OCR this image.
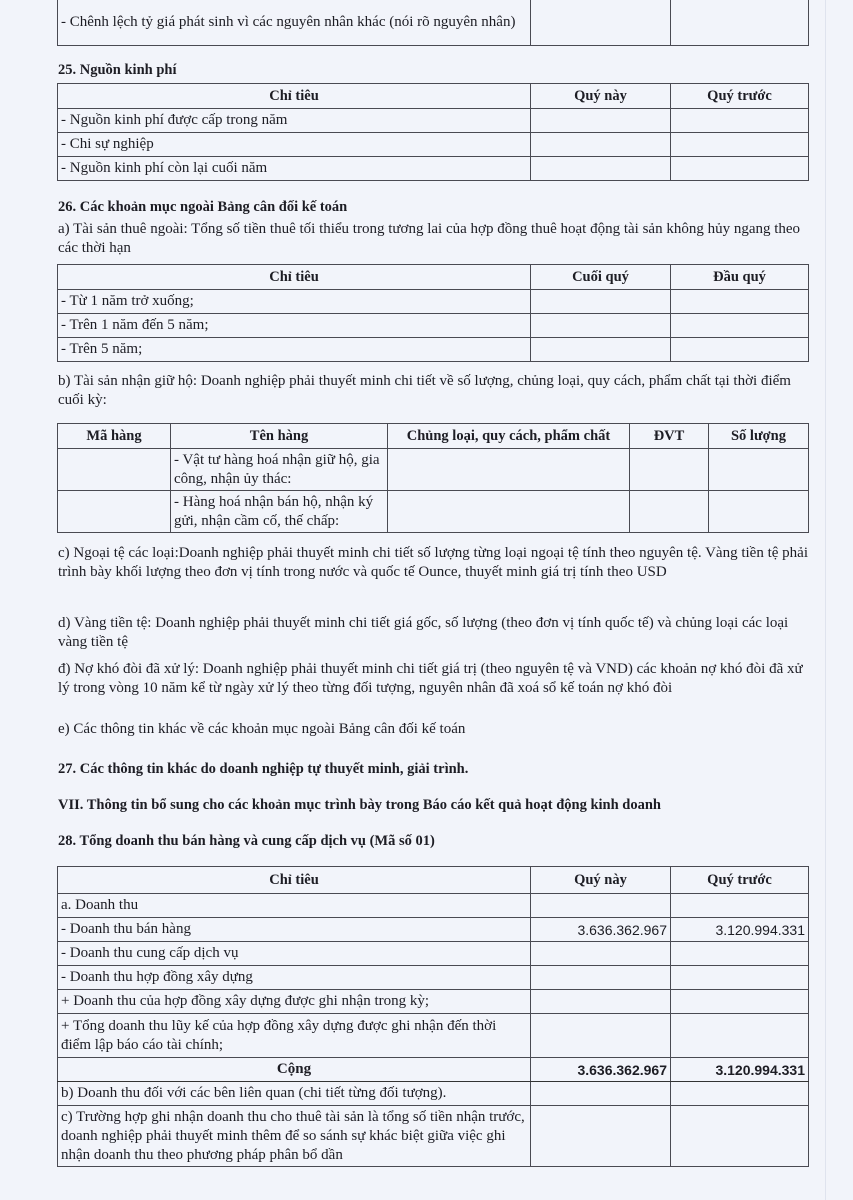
- Chênh lệch tỷ giá phát sinh vì các nguyên nhân khác (nói rõ nguyên nhân)		
25. Nguồn kinh phí
Chỉ tiêu	Quý này	Quý trước
- Nguồn kinh phí được cấp trong năm		
- Chi sự nghiệp		
- Nguồn kinh phí còn lại cuối năm		
26. Các khoản mục ngoài Bảng cân đối kế toán
a) Tài sản thuê ngoài: Tổng số tiền thuê tối thiểu trong tương lai của hợp đồng thuê hoạt động tài sản không hủy ngang theo các thời hạn
Chỉ tiêu	Cuối quý	Đầu quý
- Từ 1 năm trở xuống;		
- Trên 1 năm đến 5 năm;		
- Trên 5 năm;		
b) Tài sản nhận giữ hộ: Doanh nghiệp phải thuyết minh chi tiết về số lượng, chủng loại, quy cách, phẩm chất tại thời điểm cuối kỳ:
Mã hàng	Tên hàng	Chủng loại, quy cách, phẩm chất	ĐVT	Số lượng
	- Vật tư hàng hoá nhận giữ hộ, gia công, nhận ủy thác:			
	- Hàng hoá nhận bán hộ, nhận ký gửi, nhận cầm cố, thế chấp:			
c) Ngoại tệ các loại:Doanh nghiệp phải thuyết minh chi tiết số lượng từng loại ngoại tệ tính theo nguyên tệ. Vàng tiền tệ phải trình bày khối lượng theo đơn vị tính trong nước và quốc tế Ounce, thuyết minh giá trị tính theo USD
d) Vàng tiền tệ: Doanh nghiệp phải thuyết minh chi tiết giá gốc, số lượng (theo đơn vị tính quốc tế) và chủng loại các loại vàng tiền tệ
đ) Nợ khó đòi đã xử lý: Doanh nghiệp phải thuyết minh chi tiết giá trị (theo nguyên tệ và VND) các khoản nợ khó đòi đã xử lý trong vòng 10 năm kể từ ngày xử lý theo từng đối tượng, nguyên nhân đã xoá sổ kế toán nợ khó đòi
e) Các thông tin khác về các khoản mục ngoài Bảng cân đối kế toán
27. Các thông tin khác do doanh nghiệp tự thuyết minh, giải trình.
VII. Thông tin bổ sung cho các khoản mục trình bày trong Báo cáo kết quả hoạt động kinh doanh
28. Tổng doanh thu bán hàng và cung cấp dịch vụ (Mã số 01)
Chỉ tiêu	Quý này	Quý trước
a. Doanh thu		
- Doanh thu bán hàng	3.636.362.967	3.120.994.331
- Doanh thu cung cấp dịch vụ		
- Doanh thu hợp đồng xây dựng		
+ Doanh thu của hợp đồng xây dựng được ghi nhận trong kỳ;		
+ Tổng doanh thu lũy kế của hợp đồng xây dựng được ghi nhận đến thời điểm lập báo cáo tài chính;		
Cộng	3.636.362.967	3.120.994.331
b) Doanh thu đối với các bên liên quan (chi tiết từng đối tượng).		
c) Trường hợp ghi nhận doanh thu cho thuê tài sản là tổng số tiền nhận trước, doanh nghiệp phải thuyết minh thêm để so sánh sự khác biệt giữa việc ghi nhận doanh thu theo phương pháp phân bổ dần		
